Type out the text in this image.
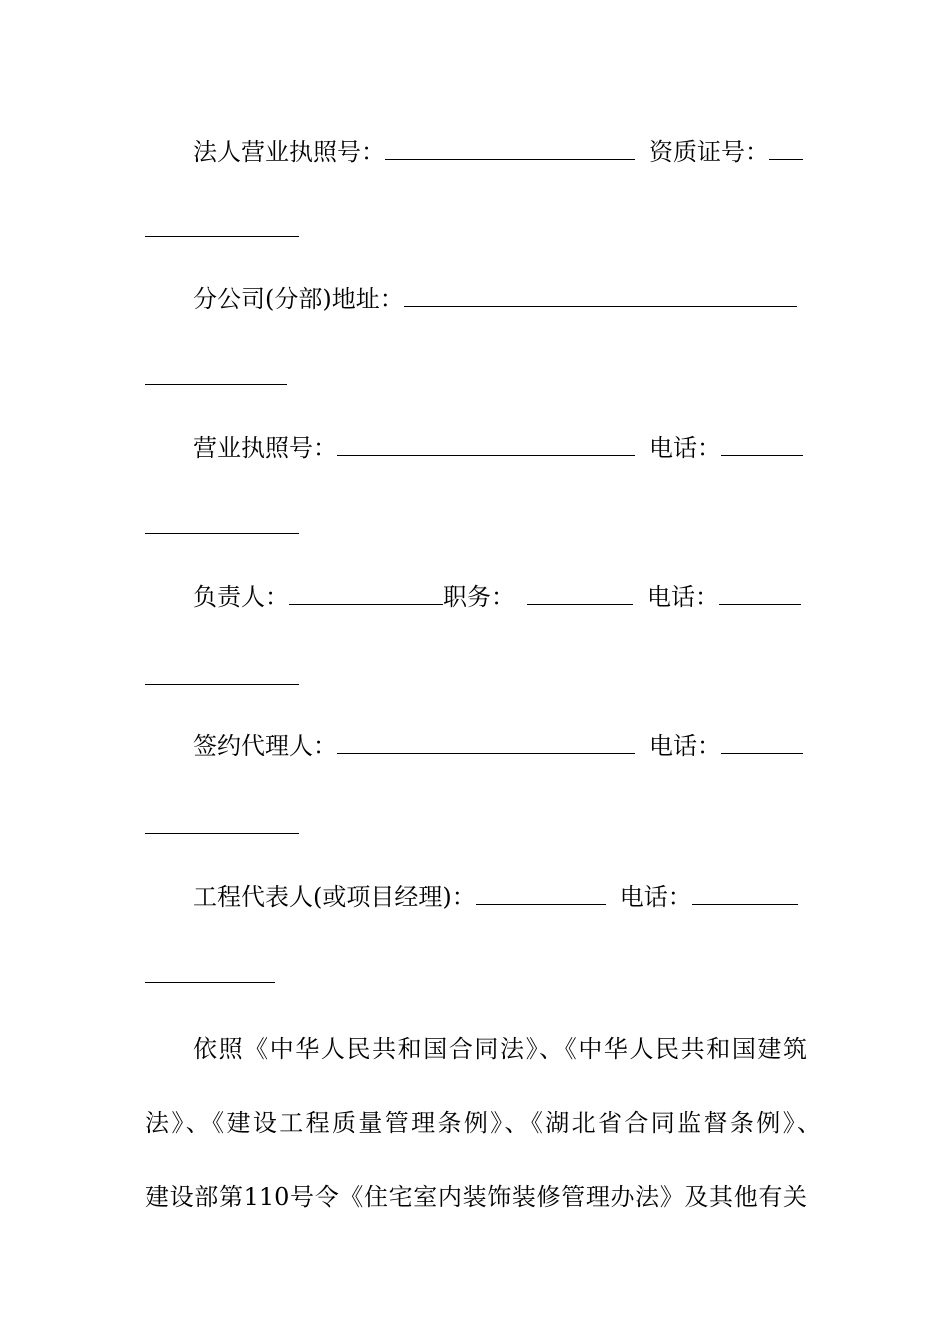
法人营业执照号：	资质证号：
分公司(分部)地址：
营业执照号：	电话：
负责人：	职务：	电话：
签约代理人：	电话：
工程代表人(或项目经理)：	电话：
依照《中华人民共和国合同法》、《中华人民共和国建筑
法》、《建设工程质量管理条例》、《湖北省合同监督条例》、
建设部第110号令《住宅室内装饰装修管理办法》及其他有关
